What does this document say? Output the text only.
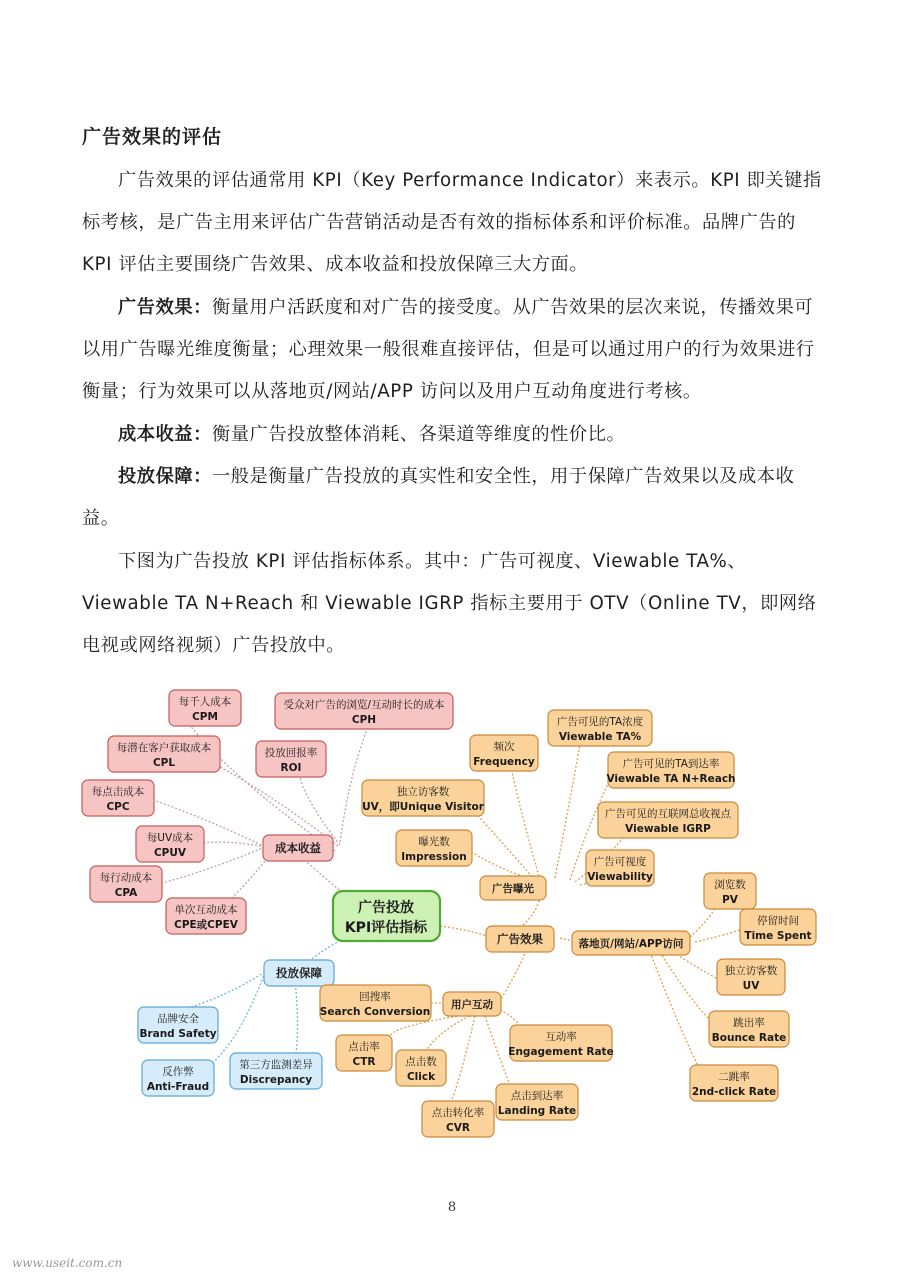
广告效果的评估

广告效果的评估通常用 KPI（Key Performance Indicator）来表示。KPI 即关键指标考核，是广告主用来评估广告营销活动是否有效的指标体系和评价标准。品牌广告的 KPI 评估主要围绕广告效果、成本收益和投放保障三大方面。

广告效果：衡量用户活跃度和对广告的接受度。从广告效果的层次来说，传播效果可以用广告曝光维度衡量；心理效果一般很难直接评估，但是可以通过用户的行为效果进行衡量；行为效果可以从落地页/网站/APP 访问以及用户互动角度进行考核。

成本收益：衡量广告投放整体消耗、各渠道等维度的性价比。

投放保障：一般是衡量广告投放的真实性和安全性，用于保障广告效果以及成本收益。

下图为广告投放 KPI 评估指标体系。其中：广告可视度、Viewable TA%、Viewable TA N+Reach 和 Viewable IGRP 指标主要用于 OTV（Online TV，即网络电视或网络视频）广告投放中。

广告投放
KPI评估指标
成本收益
每千人成本
CPM
受众对广告的浏览/互动时长的成本
CPH
每潜在客户获取成本
CPL
投放回报率
ROI
每点击成本
CPC
每UV成本
CPUV
每行动成本
CPA
单次互动成本
CPE或CPEV
投放保障
品牌安全
Brand Safety
反作弊
Anti-Fraud
第三方监测差异
Discrepancy
广告效果
广告曝光
频次
Frequency
独立访客数
UV，即Unique Visitor
曝光数
Impression
广告可见的TA浓度
Viewable TA%
广告可见的TA到达率
Viewable TA N+Reach
广告可见的互联网总收视点
Viewable IGRP
广告可视度
Viewability
落地页/网站/APP访问
浏览数
PV
停留时间
Time Spent
独立访客数
UV
跳出率
Bounce Rate
二跳率
2nd-click Rate
用户互动
回搜率
Search Conversion
互动率
Engagement Rate
点击率
CTR	点击数
Click
点击到达率
Landing Rate
点击转化率
CVR
8
www.useit.com.cn
